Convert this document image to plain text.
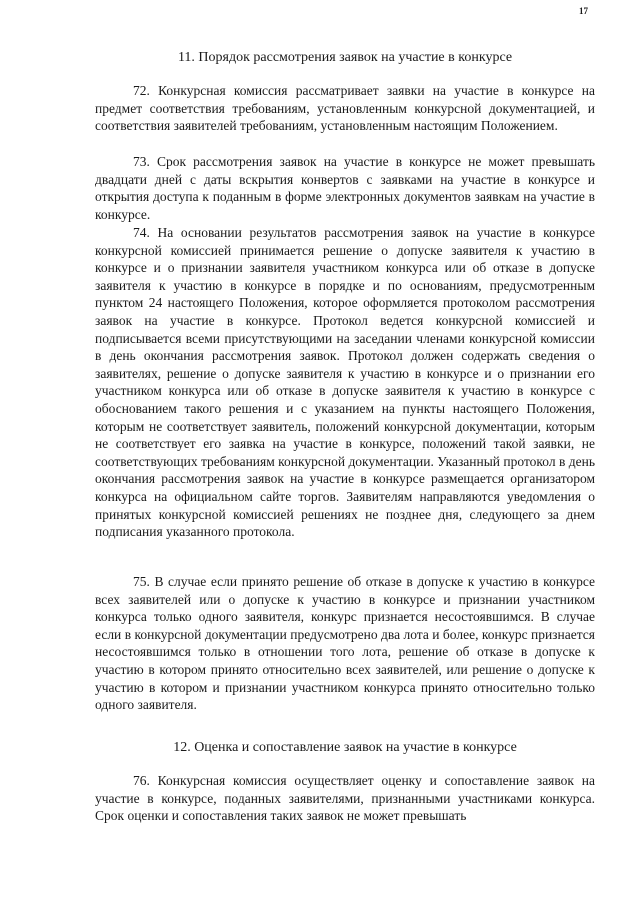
17
11. Порядок рассмотрения заявок на участие в конкурсе

72. Конкурсная комиссия рассматривает заявки на участие в конкурсе на предмет соответствия требованиям, установленным конкурсной документацией, и соответствия заявителей требованиям, установленным настоящим Положением.

73. Срок рассмотрения заявок на участие в конкурсе не может превышать двадцати дней с даты вскрытия конвертов с заявками на участие в конкурсе и открытия доступа к поданным в форме электронных документов заявкам на участие в конкурсе.

74. На основании результатов рассмотрения заявок на участие в конкурсе конкурсной комиссией принимается решение о допуске заявителя к участию в конкурсе и о признании заявителя участником конкурса или об отказе в допуске заявителя к участию в конкурсе в порядке и по основаниям, предусмотренным пунктом 24 настоящего Положения, которое оформляется протоколом рассмотрения заявок на участие в конкурсе. Протокол ведется конкурсной комиссией и подписывается всеми присутствующими на заседании членами конкурсной комиссии в день окончания рассмотрения заявок. Протокол должен содержать сведения о заявителях, решение о допуске заявителя к участию в конкурсе и о признании его участником конкурса или об отказе в допуске заявителя к участию в конкурсе с обоснованием такого решения и с указанием на пункты настоящего Положения, которым не соответствует заявитель, положений конкурсной документации, которым не соответствует его заявка на участие в конкурсе, положений такой заявки, не соответствующих требованиям конкурсной документации. Указанный протокол в день окончания рассмотрения заявок на участие в конкурсе размещается организатором конкурса на официальном сайте торгов. Заявителям направляются уведомления о принятых конкурсной комиссией решениях не позднее дня, следующего за днем подписания указанного протокола.

75. В случае если принято решение об отказе в допуске к участию в конкурсе всех заявителей или о допуске к участию в конкурсе и признании участником конкурса только одного заявителя, конкурс признается несостоявшимся. В случае если в конкурсной документации предусмотрено два лота и более, конкурс признается несостоявшимся только в отношении того лота, решение об отказе в допуске к участию в котором принято относительно всех заявителей, или решение о допуске к участию в котором и признании участником конкурса принято относительно только одного заявителя.

12. Оценка и сопоставление заявок на участие в конкурсе

76. Конкурсная комиссия осуществляет оценку и сопоставление заявок на участие в конкурсе, поданных заявителями, признанными участниками конкурса. Срок оценки и сопоставления таких заявок не может превышать
